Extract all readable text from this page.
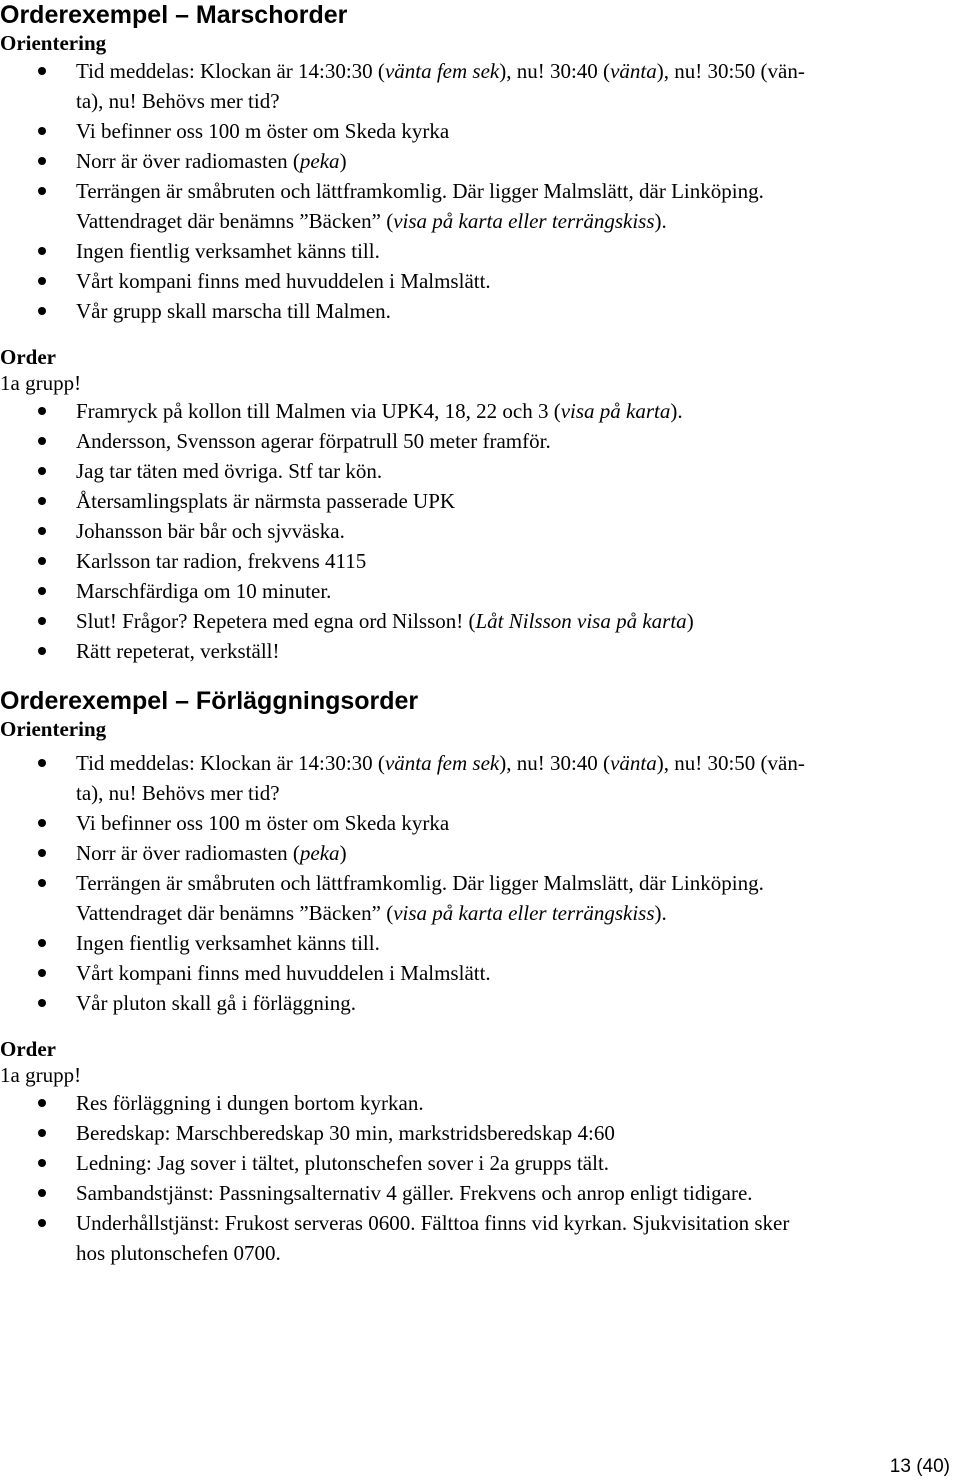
Orderexempel – Marschorder
Orientering
Tid meddelas: Klockan är 14:30:30 (vänta fem sek), nu! 30:40 (vänta), nu! 30:50 (vän-
ta), nu! Behövs mer tid?
Vi befinner oss 100 m öster om Skeda kyrka
Norr är över radiomasten (peka)
Terrängen är småbruten och lättframkomlig. Där ligger Malmslätt, där Linköping.
Vattendraget där benämns ”Bäcken” (visa på karta eller terrängskiss).
Ingen fientlig verksamhet känns till.
Vårt kompani finns med huvuddelen i Malmslätt.
Vår grupp skall marscha till Malmen.
Order

1a grupp!

Framryck på kollon till Malmen via UPK4, 18, 22 och 3 (visa på karta).
Andersson, Svensson agerar förpatrull 50 meter framför.
Jag tar täten med övriga. Stf tar kön.
Återsamlingsplats är närmsta passerade UPK
Johansson bär bår och sjvväska.
Karlsson tar radion, frekvens 4115
Marschfärdiga om 10 minuter.
Slut! Frågor? Repetera med egna ord Nilsson! (Låt Nilsson visa på karta)
Rätt repeterat, verkställ!
Orderexempel – Förläggningsorder
Orientering
Tid meddelas: Klockan är 14:30:30 (vänta fem sek), nu! 30:40 (vänta), nu! 30:50 (vän-
ta), nu! Behövs mer tid?
Vi befinner oss 100 m öster om Skeda kyrka
Norr är över radiomasten (peka)
Terrängen är småbruten och lättframkomlig. Där ligger Malmslätt, där Linköping.
Vattendraget där benämns ”Bäcken” (visa på karta eller terrängskiss).
Ingen fientlig verksamhet känns till.
Vårt kompani finns med huvuddelen i Malmslätt.
Vår pluton skall gå i förläggning.
Order

1a grupp!

Res förläggning i dungen bortom kyrkan.
Beredskap: Marschberedskap 30 min, markstridsberedskap 4:60
Ledning: Jag sover i tältet, plutonschefen sover i 2a grupps tält.
Sambandstjänst: Passningsalternativ 4 gäller. Frekvens och anrop enligt tidigare.
Underhållstjänst: Frukost serveras 0600. Fälttoa finns vid kyrkan. Sjukvisitation sker
hos plutonschefen 0700.
13 (40)
